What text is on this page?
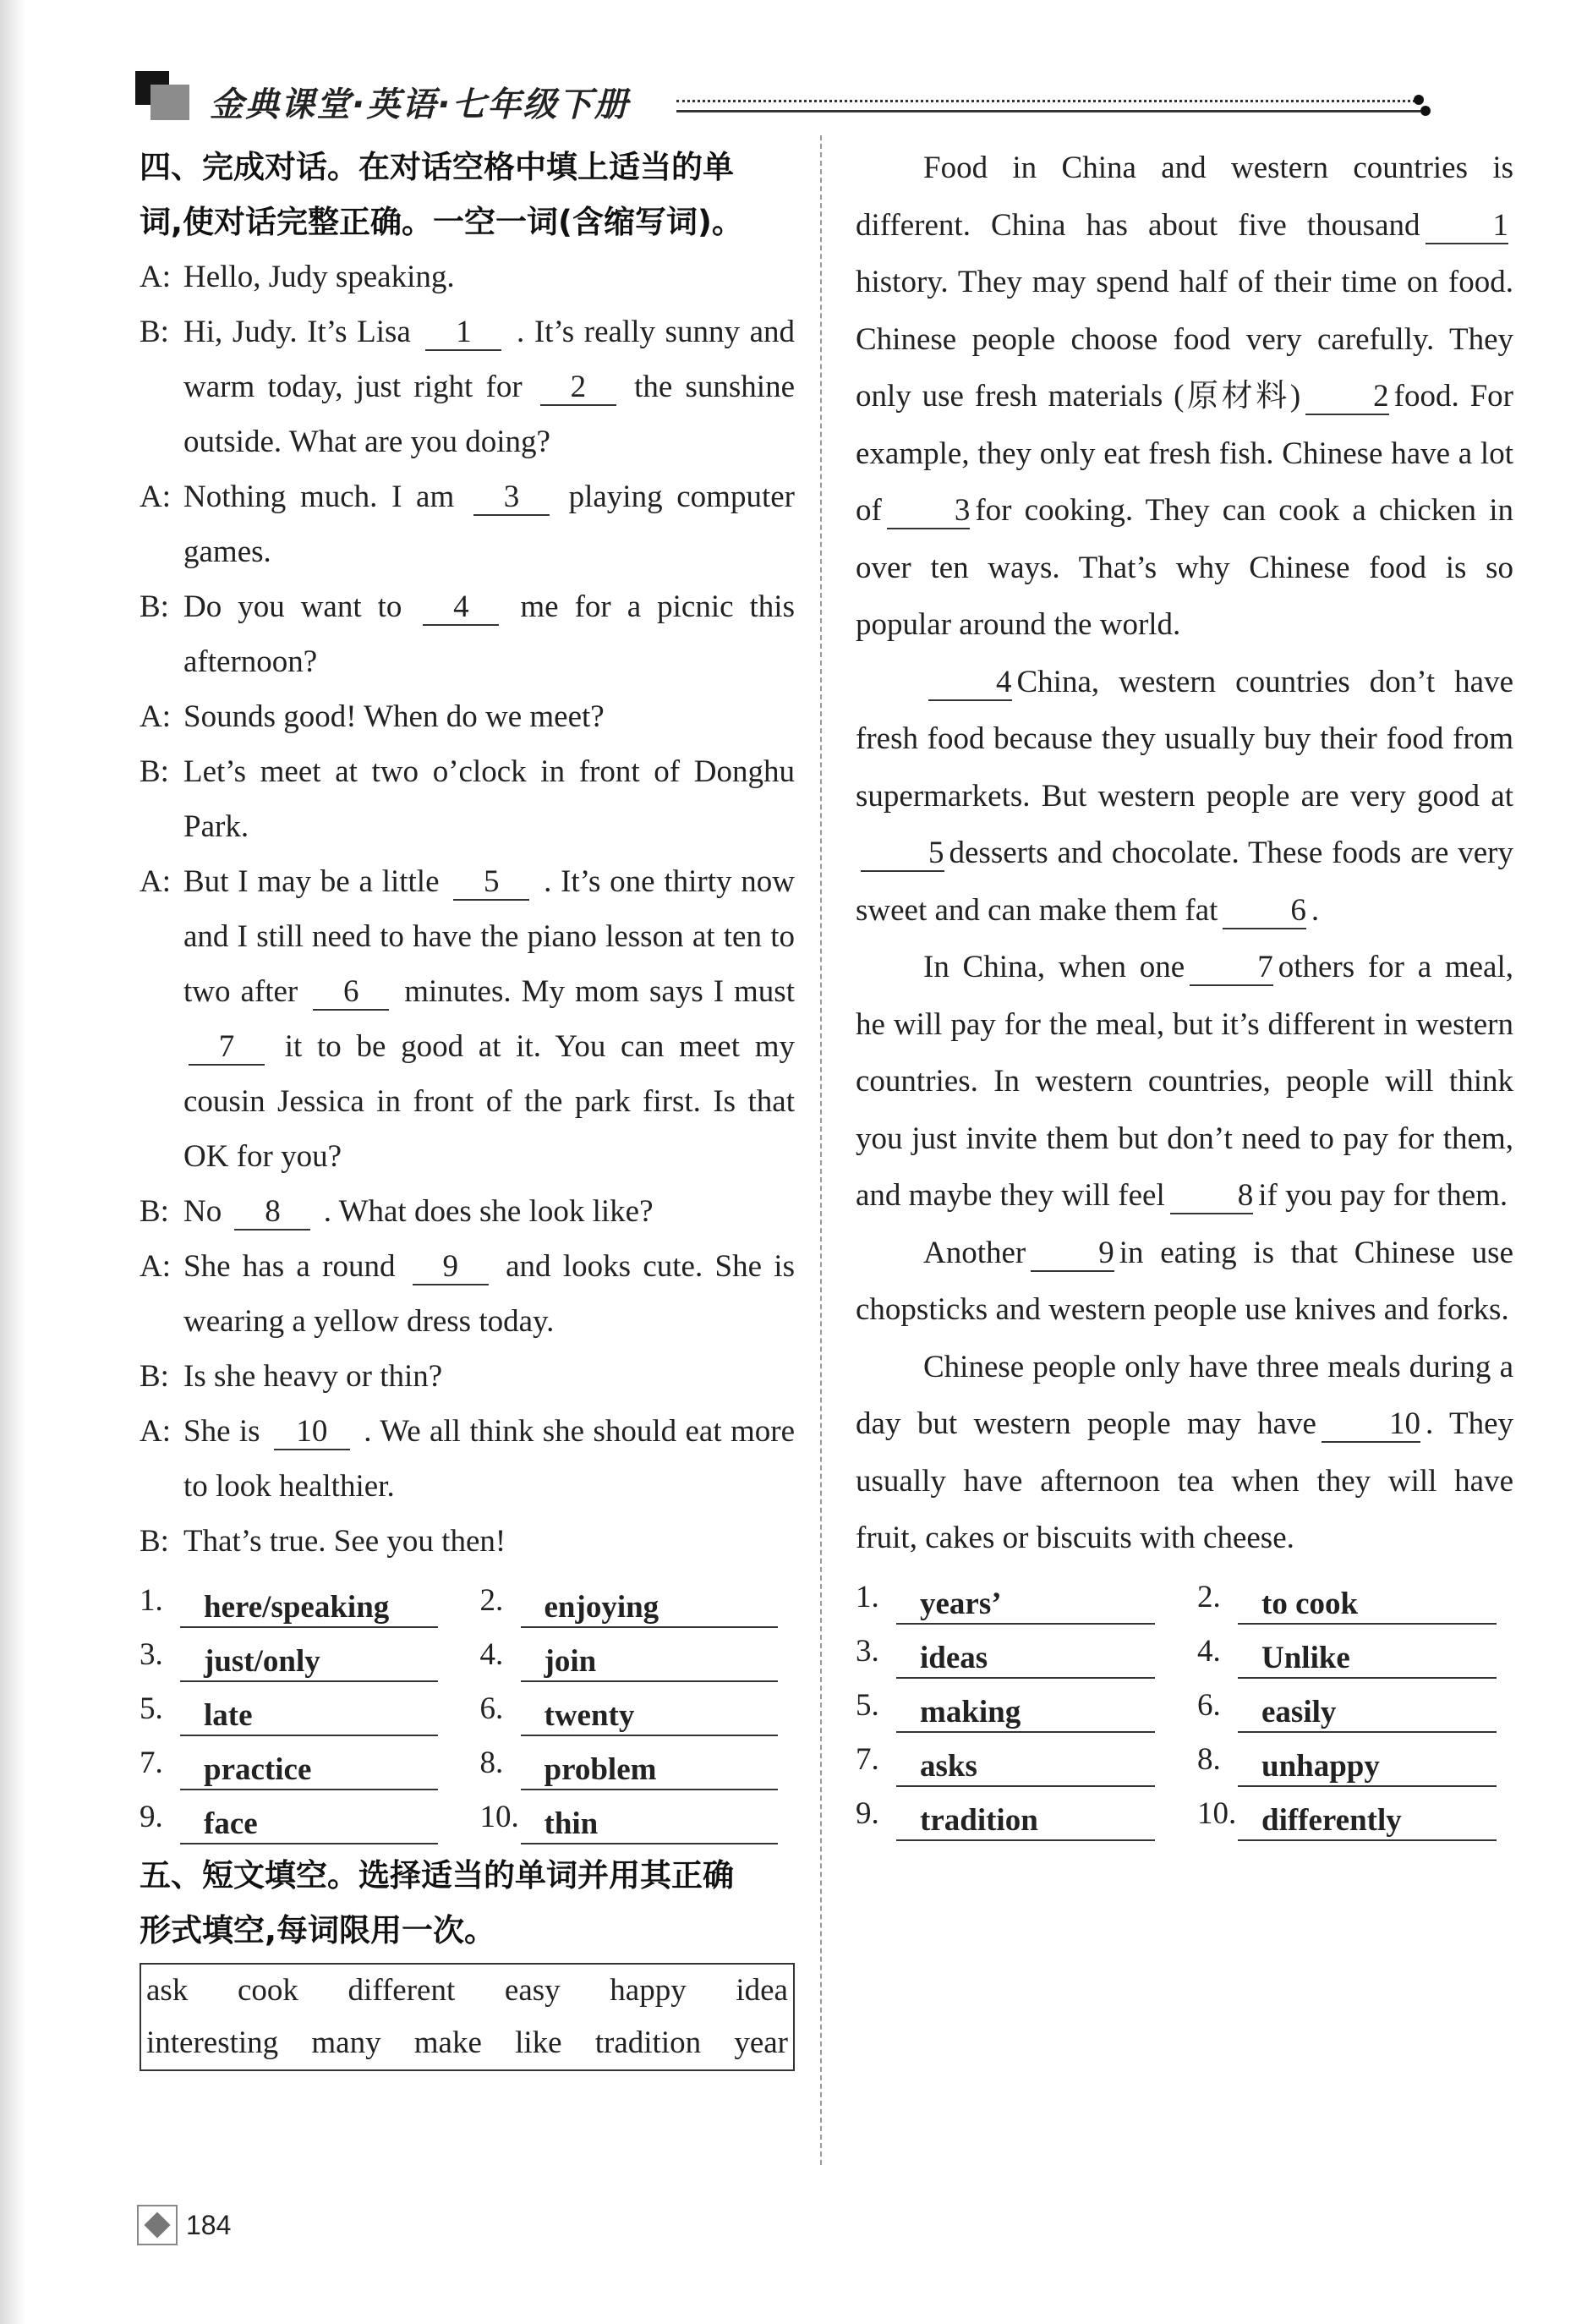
金典课堂·英语·七年级下册
四、完成对话。在对话空格中填上适当的单
词,使对话完整正确。一空一词(含缩写词)。
A: Hello, Judy speaking.
B: Hi, Judy. It’s Lisa 1 . It’s really sunny and warm today, just right for 2 the sunshine outside. What are you doing?
A: Nothing much. I am 3 playing computer games.
B: Do you want to 4 me for a picnic this afternoon?
A: Sounds good! When do we meet?
B: Let’s meet at two o’clock in front of Donghu Park.
A: But I may be a little 5 . It’s one thirty now and I still need to have the piano lesson at ten to two after 6 minutes. My mom says I must 7 it to be good at it. You can meet my cousin Jessica in front of the park first. Is that OK for you?
B: No 8 . What does she look like?
A: She has a round 9 and looks cute. She is wearing a yellow dress today.
B: Is she heavy or thin?
A: She is 10 . We all think she should eat more to look healthier.
B: That’s true. See you then!
1.	here/speaking	2.	enjoying
3.	just/only	4.	join
5.	late	6.	twenty
7.	practice	8.	problem
9.	face	10. thin
五、短文填空。选择适当的单词并用其正确
形式填空,每词限用一次。
ask cook different easy happy idea
interesting many make like tradition year

Food in China and western countries is different. China has about five thousand 1history. They may spend half of their time on food. Chinese people choose food very carefully. They only use fresh materials (原材料) 2 food. For example, they only eat fresh fish. Chinese have a lot of 3 for cooking. They can cook a chicken in over ten ways. That’s why Chinese food is so popular around the world.

4 China, western countries don’t have fresh food because they usually buy their food from supermarkets. But western people are very good at5 desserts and chocolate. These foods are very sweet and can make them fat 6 .

In China, when one 7 others for a meal, he will pay for the meal, but it’s different in western countries. In western countries, people will think you just invite them but don’t need to pay for them, and maybe they will feel 8 if you pay for them.

Another 9 in eating is that Chinese use chopsticks and western people use knives and forks.

Chinese people only have three meals during a day but western people may have 10 . They usually have afternoon tea when they will have fruit, cakes or biscuits with cheese.

1.	years’	2.	to cook
3.	ideas	4.	Unlike
5.	making	6.	easily
7.	asks	8.	unhappy
9.	tradition	10. differently
184
